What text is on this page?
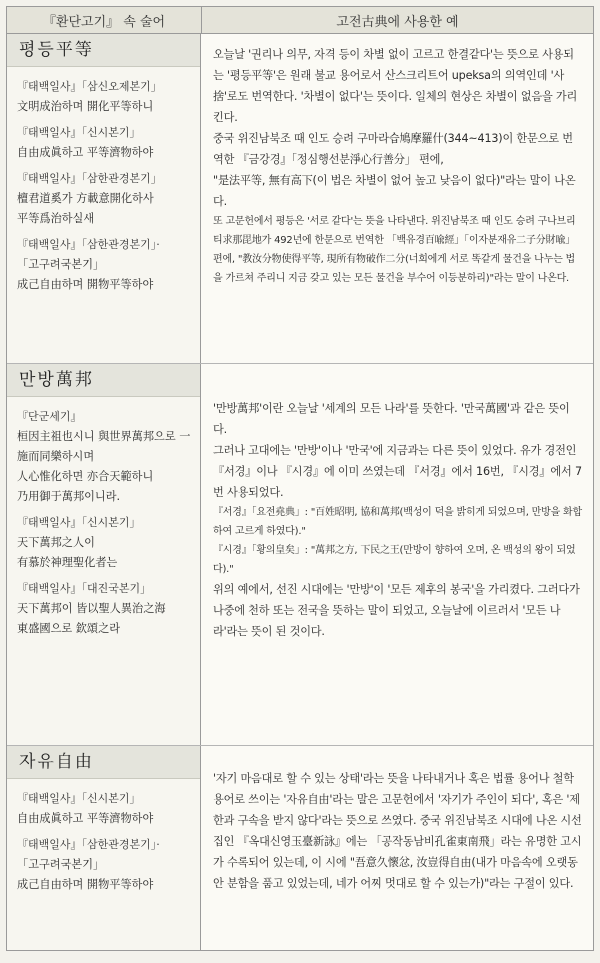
『환단고기』 속 술어	고전古典에 사용한 예
평등平等
『태백일사』「삼신오제본기」
文明成治하며 開化平等하니
『태백일사』「신시본기」
自由成眞하고 平等濟物하야
『태백일사』「삼한관경본기」
檀君道奚가 方載意開化하사
平等爲治하실새
『태백일사』「삼한관경본기」·
「고구려국본기」
成己自由하며 開物平等하야

오늘날 '권리나 의무, 자격 등이 차별 없이 고르고 한결같다'는 뜻으로 사용되는 '평등平等'은 원래 불교 용어로서 산스크리트어 upeksa의 의역인데 '사捨'로도 번역한다. '차별이 없다'는 뜻이다. 일체의 현상은 차별이 없음을 가리킨다.

중국 위진남북조 때 인도 승려 구마라습鳩摩羅什(344~413)이 한문으로 번역한 『금강경』「정심행선분淨心行善分」 편에,

"是法平等, 無有高下(이 법은 차별이 없어 높고 낮음이 없다)"라는 말이 나온다.

또 고문헌에서 평등은 '서로 같다'는 뜻을 나타낸다. 위진남북조 때 인도 승려 구나브리티求那毘地가 492년에 한문으로 번역한 「백유경百喩經」「이자분재유二子分財喩」 편에, "教汝分物使得平等, 現所有物破作二分(너희에게 서로 똑같게 물건을 나누는 법을 가르쳐 주리니 지금 갖고 있는 모든 물건을 부수어 이등분하리)"라는 말이 나온다.

만방萬邦
『단군세기』
桓因主祖也시니 與世界萬邦으로 一施而同樂하시며
人心惟化하면 亦合天範하니
乃用御于萬邦이니라.
『태백일사』「신시본기」
天下萬邦之人이
有慕於神理聖化者는
『태백일사』「대진국본기」
天下萬邦이 皆以聖人異治之海
東盛國으로 欽頌之라

'만방萬邦'이란 오늘날 '세계의 모든 나라'를 뜻한다. '만국萬國'과 같은 뜻이다.

그러나 고대에는 '만방'이나 '만국'에 지금과는 다른 뜻이 있었다. 유가 경전인 『서경』이나 『시경』에 이미 쓰였는데 『서경』에서 16번, 『시경』에서 7번 사용되었다.

『서경』「요전堯典」: "百姓昭明, 協和萬邦(백성이 덕을 밝히게 되었으며, 만방을 화합하여 고르게 하였다)."

『시경』「황의皇矣」: "萬邦之方, 下民之王(만방이 향하여 오며, 온 백성의 왕이 되었다)."

위의 예에서, 선진 시대에는 '만방'이 '모든 제후의 봉국'을 가리켰다. 그러다가 나중에 천하 또는 전국을 뜻하는 말이 되었고, 오늘날에 이르러서 '모든 나라'라는 뜻이 된 것이다.

자유自由
『태백일사』「신시본기」
自由成眞하고 平等濟物하야
『태백일사』「삼한관경본기」·
「고구려국본기」
成己自由하며 開物平等하야

'자기 마음대로 할 수 있는 상태'라는 뜻을 나타내거나 혹은 법률 용어나 철학 용어로 쓰이는 '자유自由'라는 말은 고문헌에서 '자기가 주인이 되다', 혹은 '제한과 구속을 받지 않다'라는 뜻으로 쓰였다. 중국 위진남북조 시대에 나온 시선집인 『옥대신영玉臺新詠』에는 「공작동남비孔雀東南飛」라는 유명한 고시가 수록되어 있는데, 이 시에 "吾意久懷忿, 汝豈得自由(내가 마음속에 오랫동안 분함을 품고 있었는데, 네가 어찌 멋대로 할 수 있는가)"라는 구절이 있다.
